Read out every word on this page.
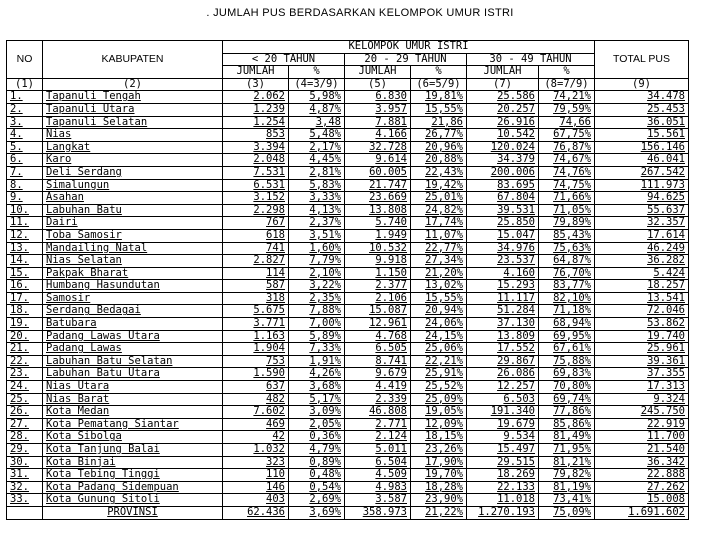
. JUMLAH PUS BERDASARKAN KELOMPOK UMUR ISTRI
NO	KABUPATEN	KELOMPOK UMUR ISTRI						TOTAL PUS
		< 20 TAHUN		20 - 29 TAHUN		30 - 49 TAHUN		
		JUMLAH	%	JUMLAH	%	JUMLAH	%	
(1)	(2)	(3)	(4=3/9)	(5)	(6=5/9)	(7)	(8=7/9)	(9)
1.	Tapanuli Tengah	2.062	5,98%	6.830	19,81%	25.586	74,21%	34.478
2.	Tapanuli Utara	1.239	4,87%	3.957	15,55%	20.257	79,59%	25.453
3.	Tapanuli Selatan	1.254	3,48	7.881	21,86	26.916	74,66	36.051
4.	Nias	853	5,48%	4.166	26,77%	10.542	67,75%	15.561
5.	Langkat	3.394	2,17%	32.728	20,96%	120.024	76,87%	156.146
6.	Karo	2.048	4,45%	9.614	20,88%	34.379	74,67%	46.041
7.	Deli Serdang	7.531	2,81%	60.005	22,43%	200.006	74,76%	267.542
8.	Simalungun	6.531	5,83%	21.747	19,42%	83.695	74,75%	111.973
9.	Asahan	3.152	3,33%	23.669	25,01%	67.804	71,66%	94.625
10.	Labuhan Batu	2.298	4,13%	13.808	24,82%	39.531	71,05%	55.637
11.	Dairi	767	2,37%	5.740	17,74%	25.850	79,89%	32.357
12.	Toba Samosir	618	3,51%	1.949	11,07%	15.047	85,43%	17.614
13.	Mandailing Natal	741	1,60%	10.532	22,77%	34.976	75,63%	46.249
14.	Nias Selatan	2.827	7,79%	9.918	27,34%	23.537	64,87%	36.282
15.	Pakpak Bharat	114	2,10%	1.150	21,20%	4.160	76,70%	5.424
16.	Humbang Hasundutan	587	3,22%	2.377	13,02%	15.293	83,77%	18.257
17.	Samosir	318	2,35%	2.106	15,55%	11.117	82,10%	13.541
18.	Serdang Bedagai	5.675	7,88%	15.087	20,94%	51.284	71,18%	72.046
19.	Batubara	3.771	7,00%	12.961	24,06%	37.130	68,94%	53.862
20.	Padang Lawas Utara	1.163	5,89%	4.768	24,15%	13.809	69,95%	19.740
21.	Padang Lawas	1.904	7,33%	6.505	25,06%	17.552	67,61%	25.961
22.	Labuhan Batu Selatan	753	1,91%	8.741	22,21%	29.867	75,88%	39.361
23.	Labuhan Batu Utara	1.590	4,26%	9.679	25,91%	26.086	69,83%	37.355
24.	Nias Utara	637	3,68%	4.419	25,52%	12.257	70,80%	17.313
25.	Nias Barat	482	5,17%	2.339	25,09%	6.503	69,74%	9.324
26.	Kota Medan	7.602	3,09%	46.808	19,05%	191.340	77,86%	245.750
27.	Kota Pematang Siantar	469	2,05%	2.771	12,09%	19.679	85,86%	22.919
28.	Kota Sibolga	42	0,36%	2.124	18,15%	9.534	81,49%	11.700
29.	Kota Tanjung Balai	1.032	4,79%	5.011	23,26%	15.497	71,95%	21.540
30.	Kota Binjai	323	0,89%	6.504	17,90%	29.515	81,21%	36.342
31.	Kota Tebing Tinggi	110	0,48%	4.509	19,70%	18.269	79,82%	22.888
32.	Kota Padang Sidempuan	146	0,54%	4.983	18,28%	22.133	81,19%	27.262
33.	Kota Gunung Sitoli	403	2,69%	3.587	23,90%	11.018	73,41%	15.008
	PROVINSI	62.436	3,69%	358.973	21,22%	1.270.193	75,09%	1.691.602
